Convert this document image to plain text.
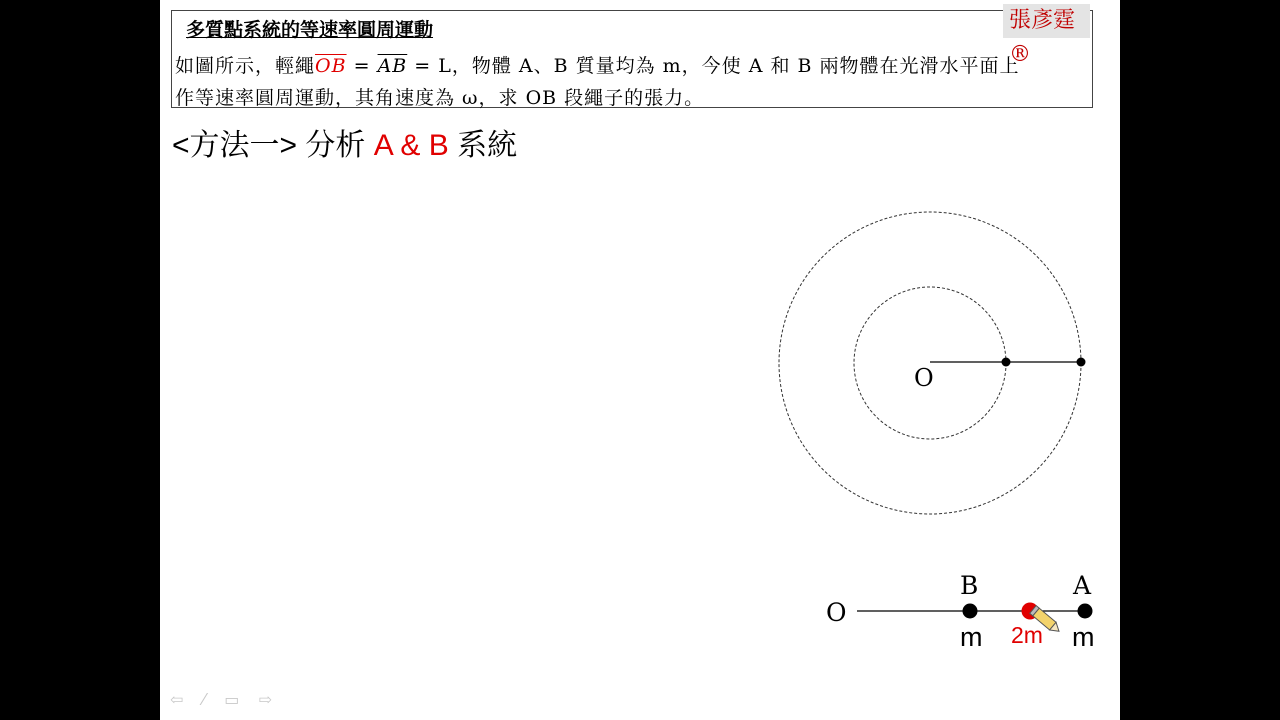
多質點系統的等速率圓周運動
如圖所示，輕繩$\overline{OB} = \overline{AB} = L$，物體 A、B 質量均為 m，今使 A 和 B 兩物體在光滑水平面上
作等速率圓周運動，其角速度為 ω，求 OB 段繩子的張力。
張彥霆®
<方法一> 分析 A & B 系統
O
O
B	A
m 2m m
⇦ ⁄ ▭ ⇨
